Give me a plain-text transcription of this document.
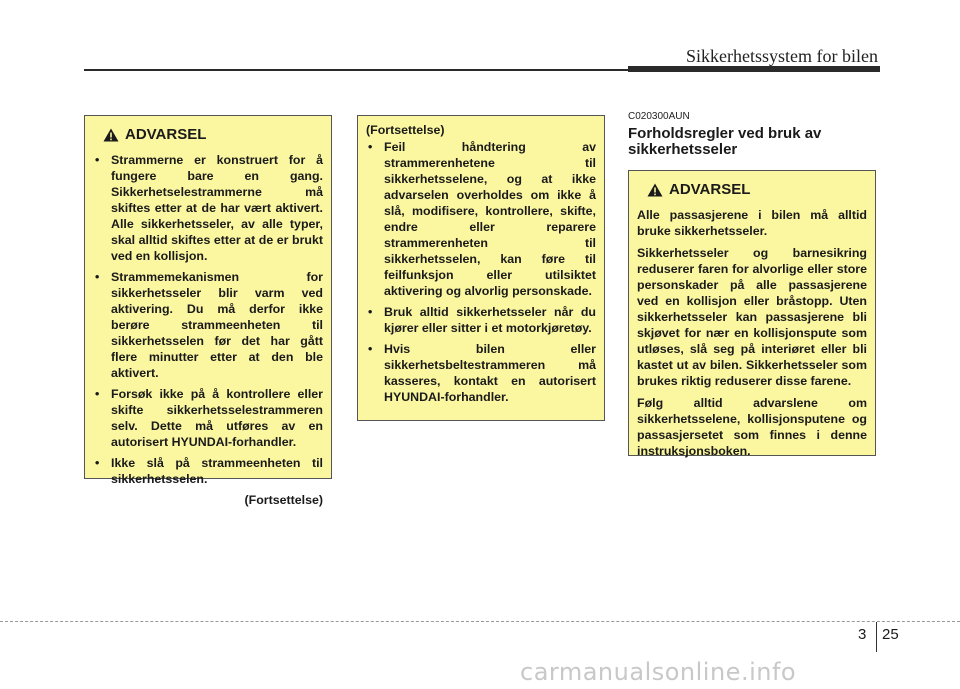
Sikkerhetssystem for bilen
ADVARSEL
• Strammerne er konstruert for å fungere bare en gang. Sikkerhetselestrammerne må skiftes etter at de har vært aktivert. Alle sikkerhetsseler, av alle typer, skal alltid skiftes etter at de er brukt ved en kollisjon.
• Strammemekanismen for sikkerhetsseler blir varm ved aktivering. Du må derfor ikke berøre strammeenheten til sikkerhetsselen før det har gått flere minutter etter at den ble aktivert.
• Forsøk ikke på å kontrollere eller skifte sikkerhetsselestrammeren selv. Dette må utføres av en autorisert HYUNDAI-forhandler.
• Ikke slå på strammeenheten til sikkerhetsselen.
(Fortsettelse)
(Fortsettelse)
• Feil håndtering av strammerenhetene til sikkerhetsselene, og at ikke advarselen overholdes om ikke å slå, modifisere, kontrollere, skifte, endre eller reparere strammerenheten til sikkerhetsselen, kan føre til feilfunksjon eller utilsiktet aktivering og alvorlig personskade.
• Bruk alltid sikkerhetsseler når du kjører eller sitter i et motorkjøretøy.
• Hvis bilen eller sikkerhetsbeltestrammeren må kasseres, kontakt en autorisert HYUNDAI-forhandler.
C020300AUN
Forholdsregler ved bruk av sikkerhetsseler
ADVARSEL

Alle passasjerene i bilen må alltid bruke sikkerhetsseler.

Sikkerhetsseler og barnesikring reduserer faren for alvorlige eller store personskader på alle passasjerene ved en kollisjon eller bråstopp. Uten sikkerhetsseler kan passasjerene bli skjøvet for nær en kollisjonspute som utløses, slå seg på interiøret eller bli kastet ut av bilen. Sikkerhetsseler som brukes riktig reduserer disse farene.

Følg alltid advarslene om sikkerhetsselene, kollisjonsputene og passasjersetet som finnes i denne instruksjonsboken.

3 25
carmanualsonline.info
